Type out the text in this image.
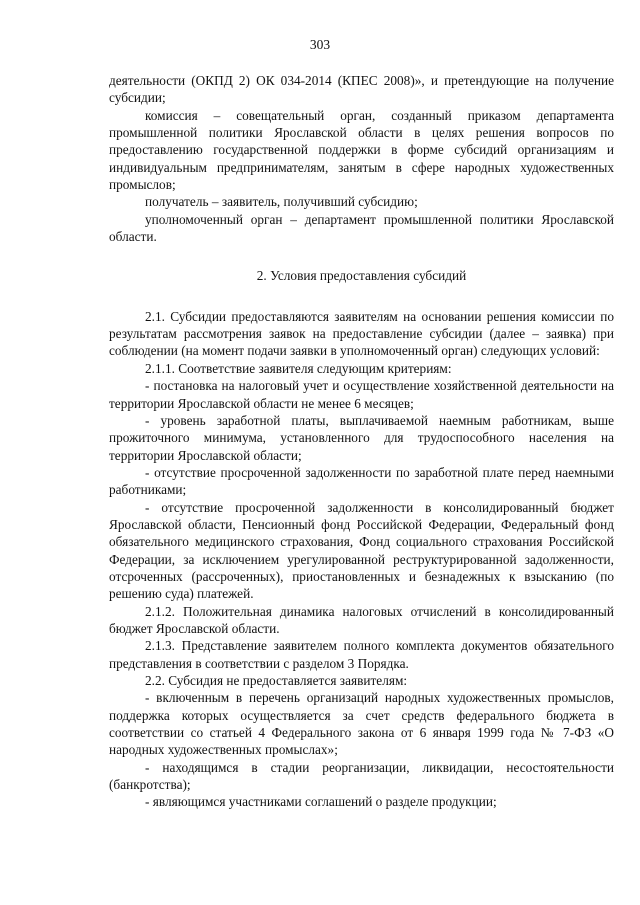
303

деятельности (ОКПД 2) ОК 034-2014 (КПЕС 2008)», и претендующие на получение субсидии;

комиссия – совещательный орган, созданный приказом департамента промышленной политики Ярославской области в целях решения вопросов по предоставлению государственной поддержки в форме субсидий организациям и индивидуальным предпринимателям, занятым в сфере народных художественных промыслов;

получатель – заявитель, получивший субсидию;

уполномоченный орган – департамент промышленной политики Ярославской области.

2. Условия предоставления субсидий

2.1. Субсидии предоставляются заявителям на основании решения комиссии по результатам рассмотрения заявок на предоставление субсидии (далее – заявка) при соблюдении (на момент подачи заявки в уполномоченный орган) следующих условий:

2.1.1. Соответствие заявителя следующим критериям:

- постановка на налоговый учет и осуществление хозяйственной деятельности на территории Ярославской области не менее 6 месяцев;

- уровень заработной платы, выплачиваемой наемным работникам, выше прожиточного минимума, установленного для трудоспособного населения на территории Ярославской области;

- отсутствие просроченной задолженности по заработной плате перед наемными работниками;

- отсутствие просроченной задолженности в консолидированный бюджет Ярославской области, Пенсионный фонд Российской Федерации, Федеральный фонд обязательного медицинского страхования, Фонд социального страхования Российской Федерации, за исключением урегулированной реструктурированной задолженности, отсроченных (рассроченных), приостановленных и безнадежных к взысканию (по решению суда) платежей.

2.1.2. Положительная динамика налоговых отчислений в консолидированный бюджет Ярославской области.

2.1.3. Представление заявителем полного комплекта документов обязательного представления в соответствии с разделом 3 Порядка.

2.2. Субсидия не предоставляется заявителям:

- включенным в перечень организаций народных художественных промыслов, поддержка которых осуществляется за счет средств федерального бюджета в соответствии со статьей 4 Федерального закона от 6 января 1999 года № 7-ФЗ «О народных художественных промыслах»;

- находящимся в стадии реорганизации, ликвидации, несостоятельности (банкротства);

- являющимся участниками соглашений о разделе продукции;
